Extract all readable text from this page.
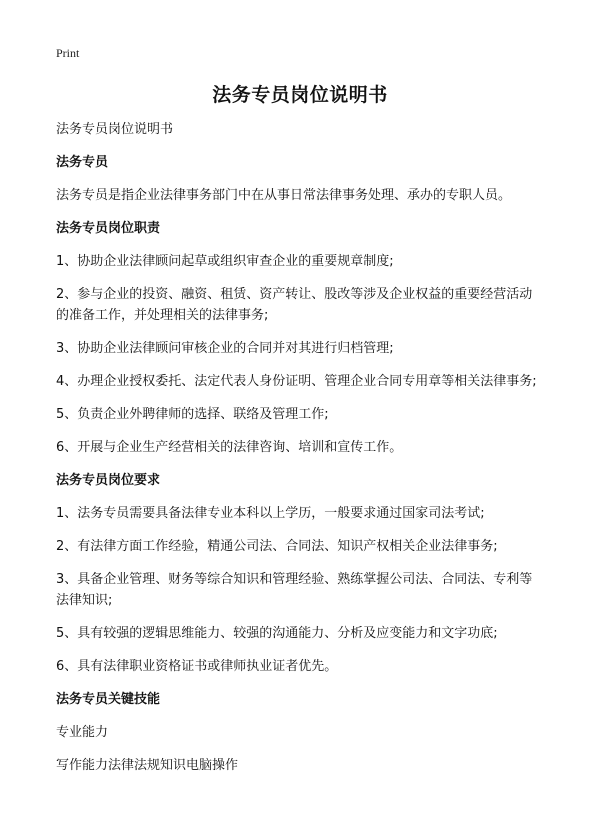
Print
法务专员岗位说明书

法务专员岗位说明书

法务专员

法务专员是指企业法律事务部门中在从事日常法律事务处理、承办的专职人员。

法务专员岗位职责

1、协助企业法律顾问起草或组织审查企业的重要规章制度;

2、参与企业的投资、融资、租赁、资产转让、股改等涉及企业权益的重要经营活动的准备工作，并处理相关的法律事务;

3、协助企业法律顾问审核企业的合同并对其进行归档管理;

4、办理企业授权委托、法定代表人身份证明、管理企业合同专用章等相关法律事务;

5、负责企业外聘律师的选择、联络及管理工作;

6、开展与企业生产经营相关的法律咨询、培训和宣传工作。

法务专员岗位要求

1、法务专员需要具备法律专业本科以上学历，一般要求通过国家司法考试;

2、有法律方面工作经验，精通公司法、合同法、知识产权相关企业法律事务;

3、具备企业管理、财务等综合知识和管理经验、熟练掌握公司法、合同法、专利等法律知识;

5、具有较强的逻辑思维能力、较强的沟通能力、分析及应变能力和文字功底;

6、具有法律职业资格证书或律师执业证者优先。

法务专员关键技能

专业能力

写作能力法律法规知识电脑操作
